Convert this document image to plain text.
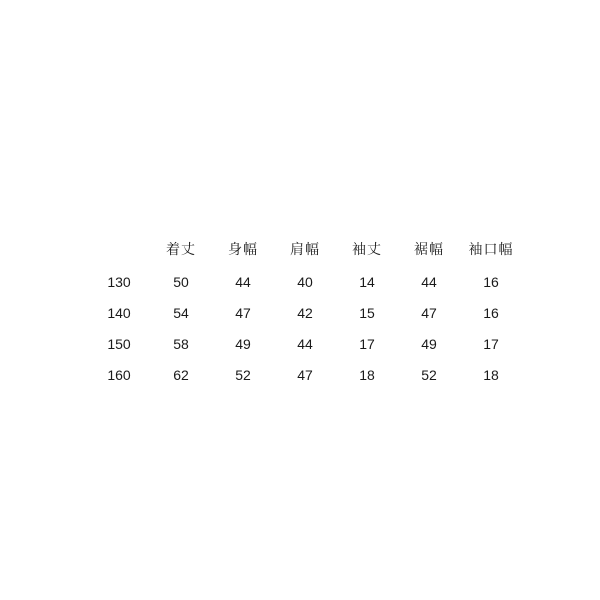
	着丈	身幅	肩幅	袖丈	裾幅	袖口幅
130	50	44	40	14	44	16
140	54	47	42	15	47	16
150	58	49	44	17	49	17
160	62	52	47	18	52	18
